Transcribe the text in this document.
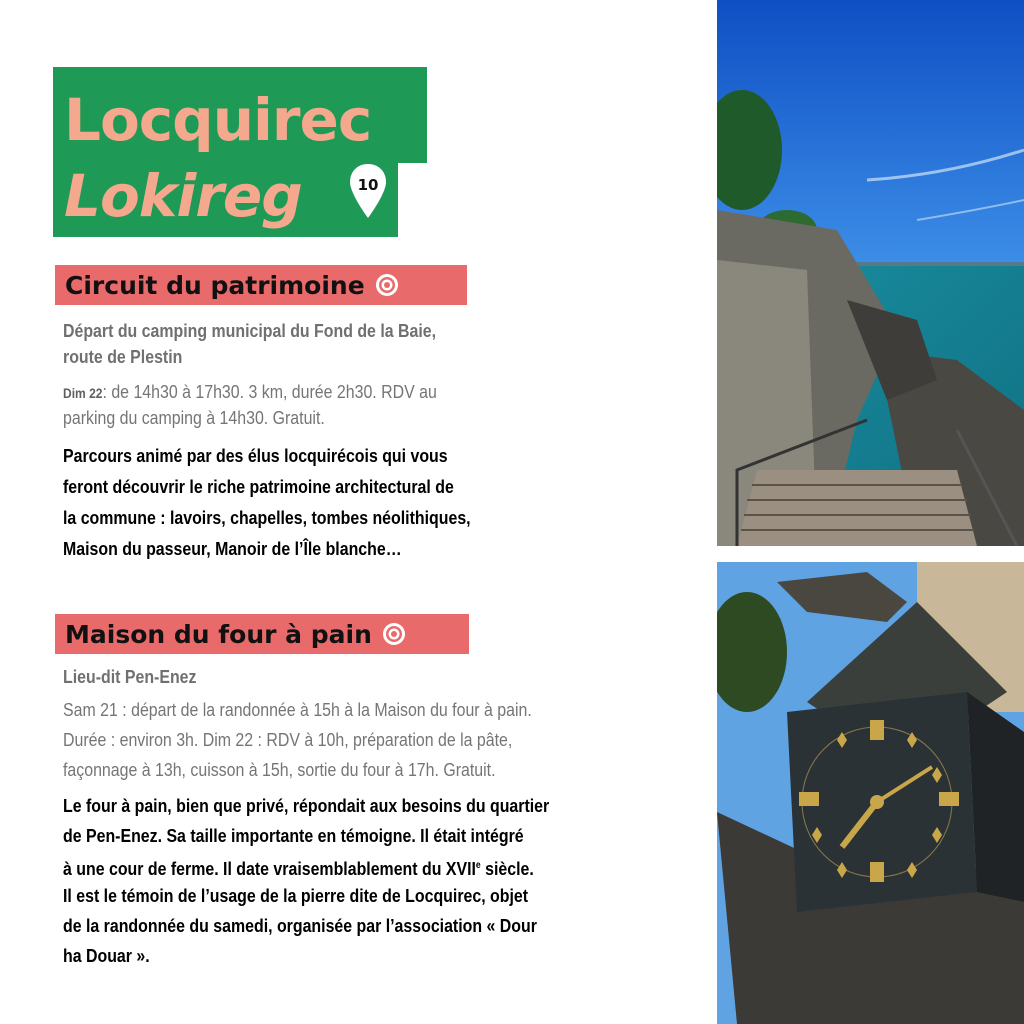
Locquirec
Lokireg	10
Circuit du patrimoine
Départ du camping municipal du Fond de la Baie,
route de Plestin
Dim 22: de 14h30 à 17h30. 3 km, durée 2h30. RDV au
parking du camping à 14h30. Gratuit.
Parcours animé par des élus locquirécois qui vous
feront découvrir le riche patrimoine architectural de
la commune : lavoirs, chapelles, tombes néolithiques,
Maison du passeur, Manoir de l’Île blanche…
Maison du four à pain
Lieu-dit Pen-Enez
Sam 21 : départ de la randonnée à 15h à la Maison du four à pain.
Durée : environ 3h. Dim 22 : RDV à 10h, préparation de la pâte,
façonnage à 13h, cuisson à 15h, sortie du four à 17h. Gratuit.
Le four à pain, bien que privé, répondait aux besoins du quartier
de Pen-Enez. Sa taille importante en témoigne. Il était intégré
à une cour de ferme. Il date vraisemblablement du XVIIe siècle.
Il est le témoin de l’usage de la pierre dite de Locquirec, objet
de la randonnée du samedi, organisée par l’association « Dour
ha Douar ».
